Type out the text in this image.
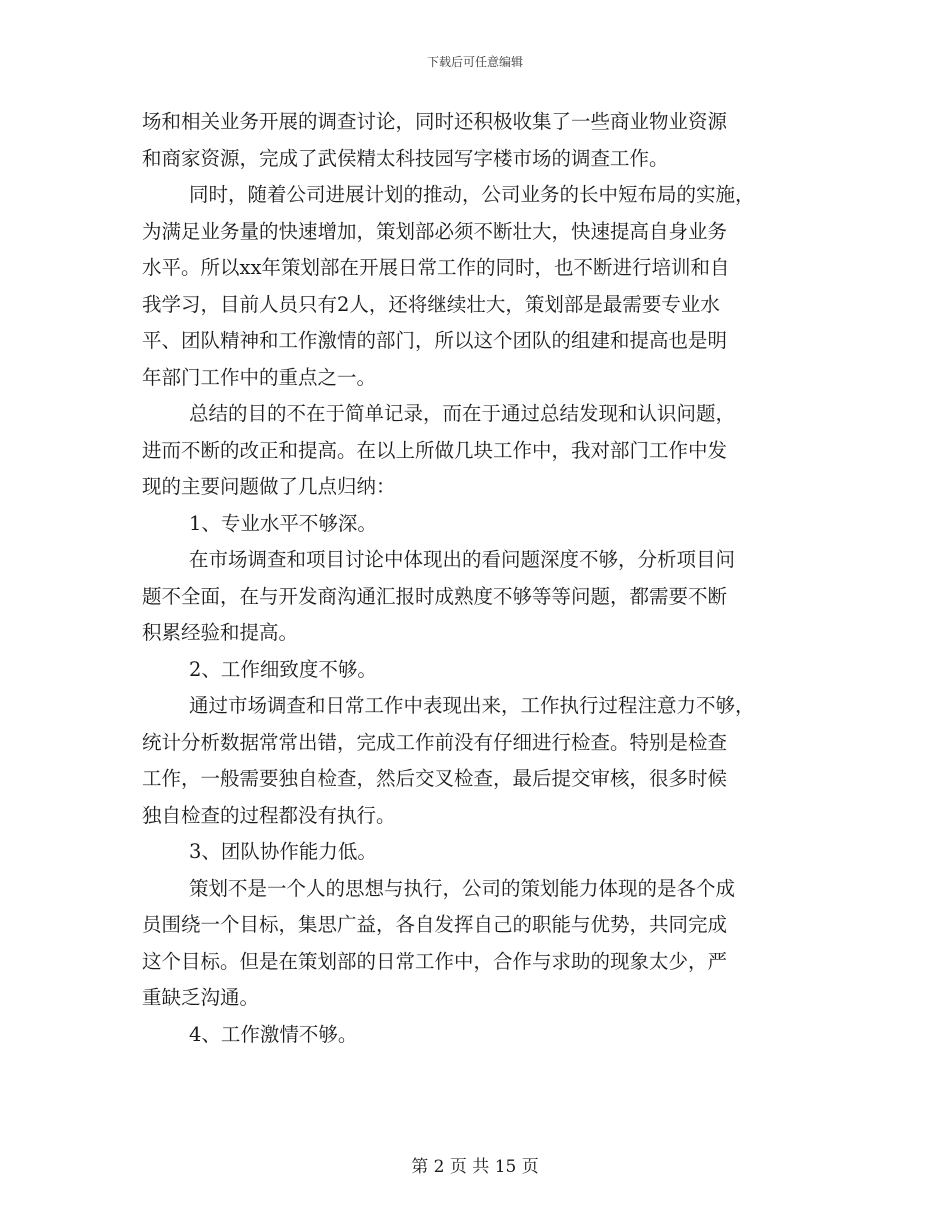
下载后可任意编辑
场和相关业务开展的调查讨论，同时还积极收集了一些商业物业资源
和商家资源，完成了武侯精太科技园写字楼市场的调查工作。
同时，随着公司进展计划的推动，公司业务的长中短布局的实施，
为满足业务量的快速增加，策划部必须不断壮大，快速提高自身业务
水平。所以xx年策划部在开展日常工作的同时，也不断进行培训和自
我学习，目前人员只有2人，还将继续壮大，策划部是最需要专业水
平、团队精神和工作激情的部门，所以这个团队的组建和提高也是明
年部门工作中的重点之一。
总结的目的不在于简单记录，而在于通过总结发现和认识问题，
进而不断的改正和提高。在以上所做几块工作中，我对部门工作中发
现的主要问题做了几点归纳：
1、专业水平不够深。
在市场调查和项目讨论中体现出的看问题深度不够，分析项目问
题不全面，在与开发商沟通汇报时成熟度不够等等问题，都需要不断
积累经验和提高。
2、工作细致度不够。
通过市场调查和日常工作中表现出来，工作执行过程注意力不够，
统计分析数据常常出错，完成工作前没有仔细进行检查。特别是检查
工作，一般需要独自检查，然后交叉检查，最后提交审核，很多时候
独自检查的过程都没有执行。
3、团队协作能力低。
策划不是一个人的思想与执行，公司的策划能力体现的是各个成
员围绕一个目标，集思广益，各自发挥自己的职能与优势，共同完成
这个目标。但是在策划部的日常工作中，合作与求助的现象太少，严
重缺乏沟通。
4、工作激情不够。
第 2 页 共 15 页
